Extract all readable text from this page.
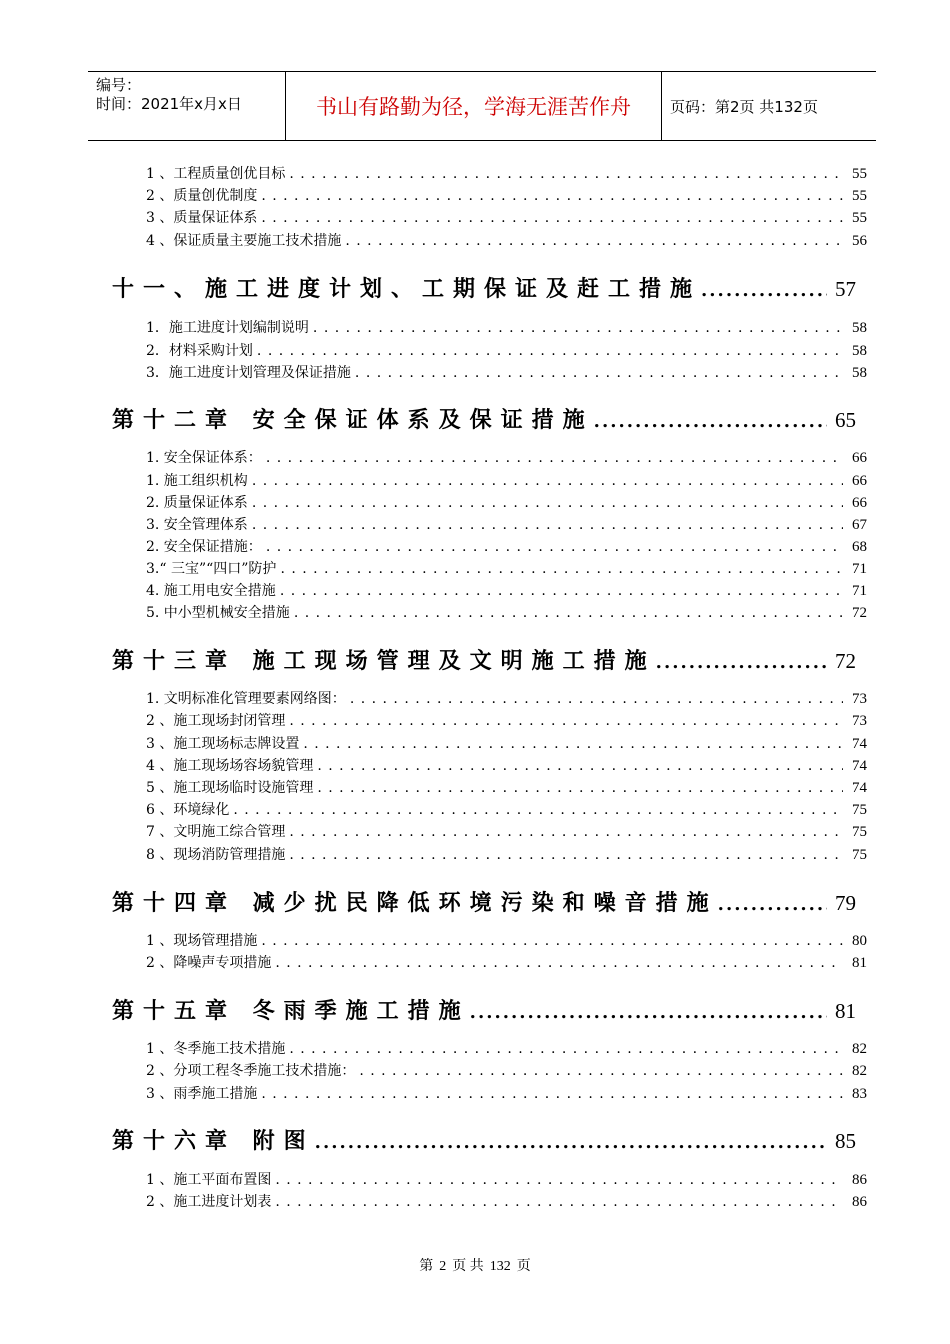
编号：
时间：2021年x月x日	书山有路勤为径，学海无涯苦作舟	页码：第2页 共132页
1 、工程质量创优目标 . . .	55
2 、质量创优制度 . . .	55
3 、质量保证体系 . . .	55
4 、保证质量主要施工技术措施 . . .	56
十一、施工进度计划、工期保证及赶工措施 .....	57
1．施工进度计划编制说明 . . .	58
2．材料采购计划 . . .	58
3．施工进度计划管理及保证措施 . . .	58
第十二章 安全保证体系及保证措施 .....	65
1. 安全保证体系： . . .	66
1. 施工组织机构 . . .	66
2. 质量保证体系 . . .	66
3. 安全管理体系 . . .	67
2. 安全保证措施： . . .	68
3.“ 三宝”“四口”防护 . . .	71
4. 施工用电安全措施 . . .	71
5. 中小型机械安全措施 . . .	72
第十三章 施工现场管理及文明施工措施 .....	72
1. 文明标准化管理要素网络图： . . .	73
2 、施工现场封闭管理 . . .	73
3 、施工现场标志牌设置 . . .	74
4 、施工现场场容场貌管理 . . .	74
5 、施工现场临时设施管理 . . .	74
6 、环境绿化 . . .	75
7 、文明施工综合管理 . . .	75
8 、现场消防管理措施 . . .	75
第十四章 减少扰民降低环境污染和噪音措施 .....	79
1 、现场管理措施 . . .	80
2 、降噪声专项措施 . . .	81
第十五章 冬雨季施工措施 .....	81
1 、冬季施工技术措施 . . .	82
2 、分项工程冬季施工技术措施： . . .	82
3 、雨季施工措施 . . .	83
第十六章 附图 .....	85
1 、施工平面布置图 . . .	86
2 、施工进度计划表 . . .	86
第 2 页 共 132 页
